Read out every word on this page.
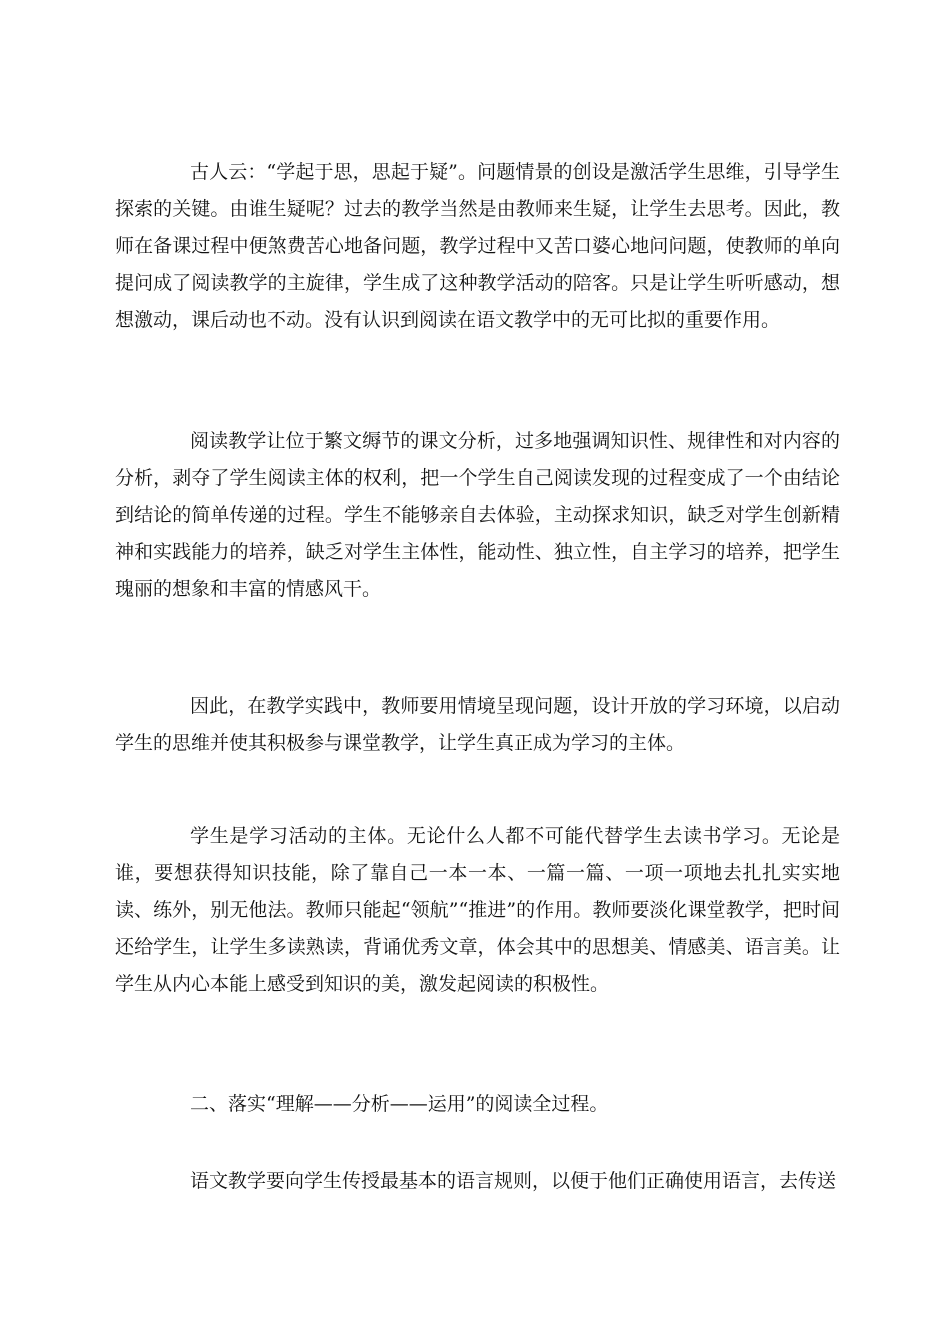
古人云：“学起于思，思起于疑”。问题情景的创设是激活学生思维，引导学生探索的关键。由谁生疑呢？过去的教学当然是由教师来生疑，让学生去思考。因此，教师在备课过程中便煞费苦心地备问题，教学过程中又苦口婆心地问问题，使教师的单向提问成了阅读教学的主旋律，学生成了这种教学活动的陪客。只是让学生听听感动，想想激动，课后动也不动。没有认识到阅读在语文教学中的无可比拟的重要作用。

阅读教学让位于繁文缛节的课文分析，过多地强调知识性、规律性和对内容的分析，剥夺了学生阅读主体的权利，把一个学生自己阅读发现的过程变成了一个由结论到结论的简单传递的过程。学生不能够亲自去体验，主动探求知识，缺乏对学生创新精神和实践能力的培养，缺乏对学生主体性，能动性、独立性，自主学习的培养，把学生瑰丽的想象和丰富的情感风干。

因此，在教学实践中，教师要用情境呈现问题，设计开放的学习环境，以启动学生的思维并使其积极参与课堂教学，让学生真正成为学习的主体。

学生是学习活动的主体。无论什么人都不可能代替学生去读书学习。无论是谁，要想获得知识技能，除了靠自己一本一本、一篇一篇、一项一项地去扎扎实实地读、练外，别无他法。教师只能起“领航”“推进”的作用。教师要淡化课堂教学，把时间还给学生，让学生多读熟读，背诵优秀文章，体会其中的思想美、情感美、语言美。让学生从内心本能上感受到知识的美，激发起阅读的积极性。

二、落实“理解——分析——运用”的阅读全过程。

语文教学要向学生传授最基本的语言规则，以便于他们正确使用语言，去传送
